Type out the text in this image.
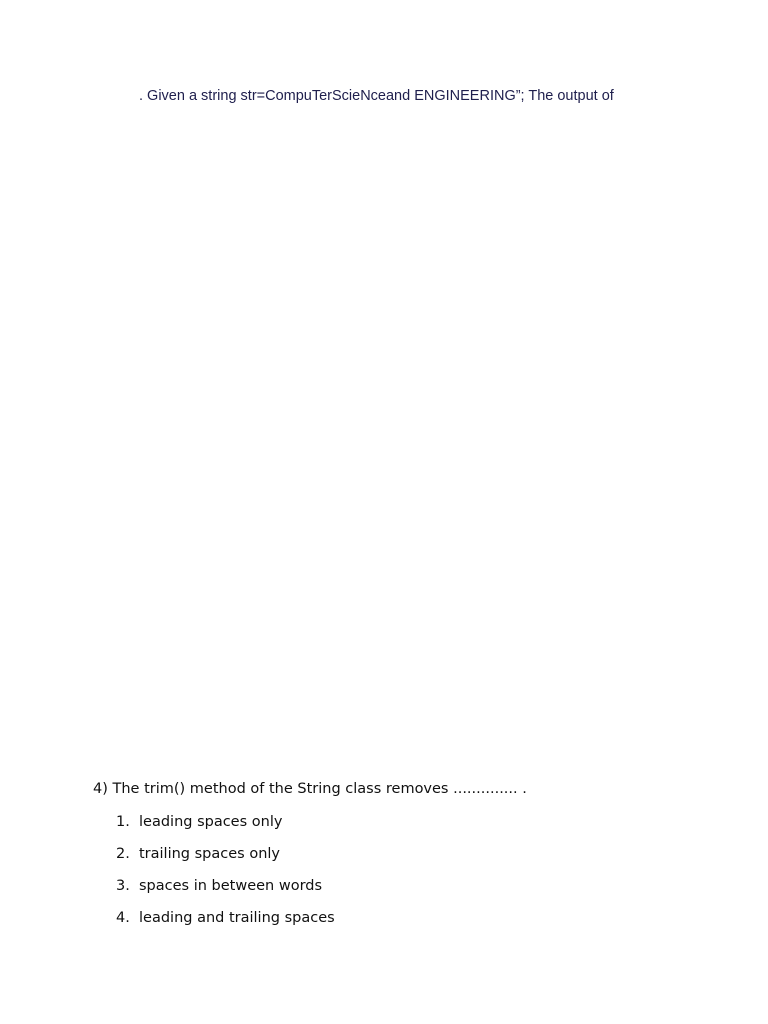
. Given a string str=CompuTerScieNceand ENGINEERING”; The output of

4) The trim() method of the String class removes .............. .

1. leading spaces only
2. trailing spaces only
3. spaces in between words
4. leading and trailing spaces
